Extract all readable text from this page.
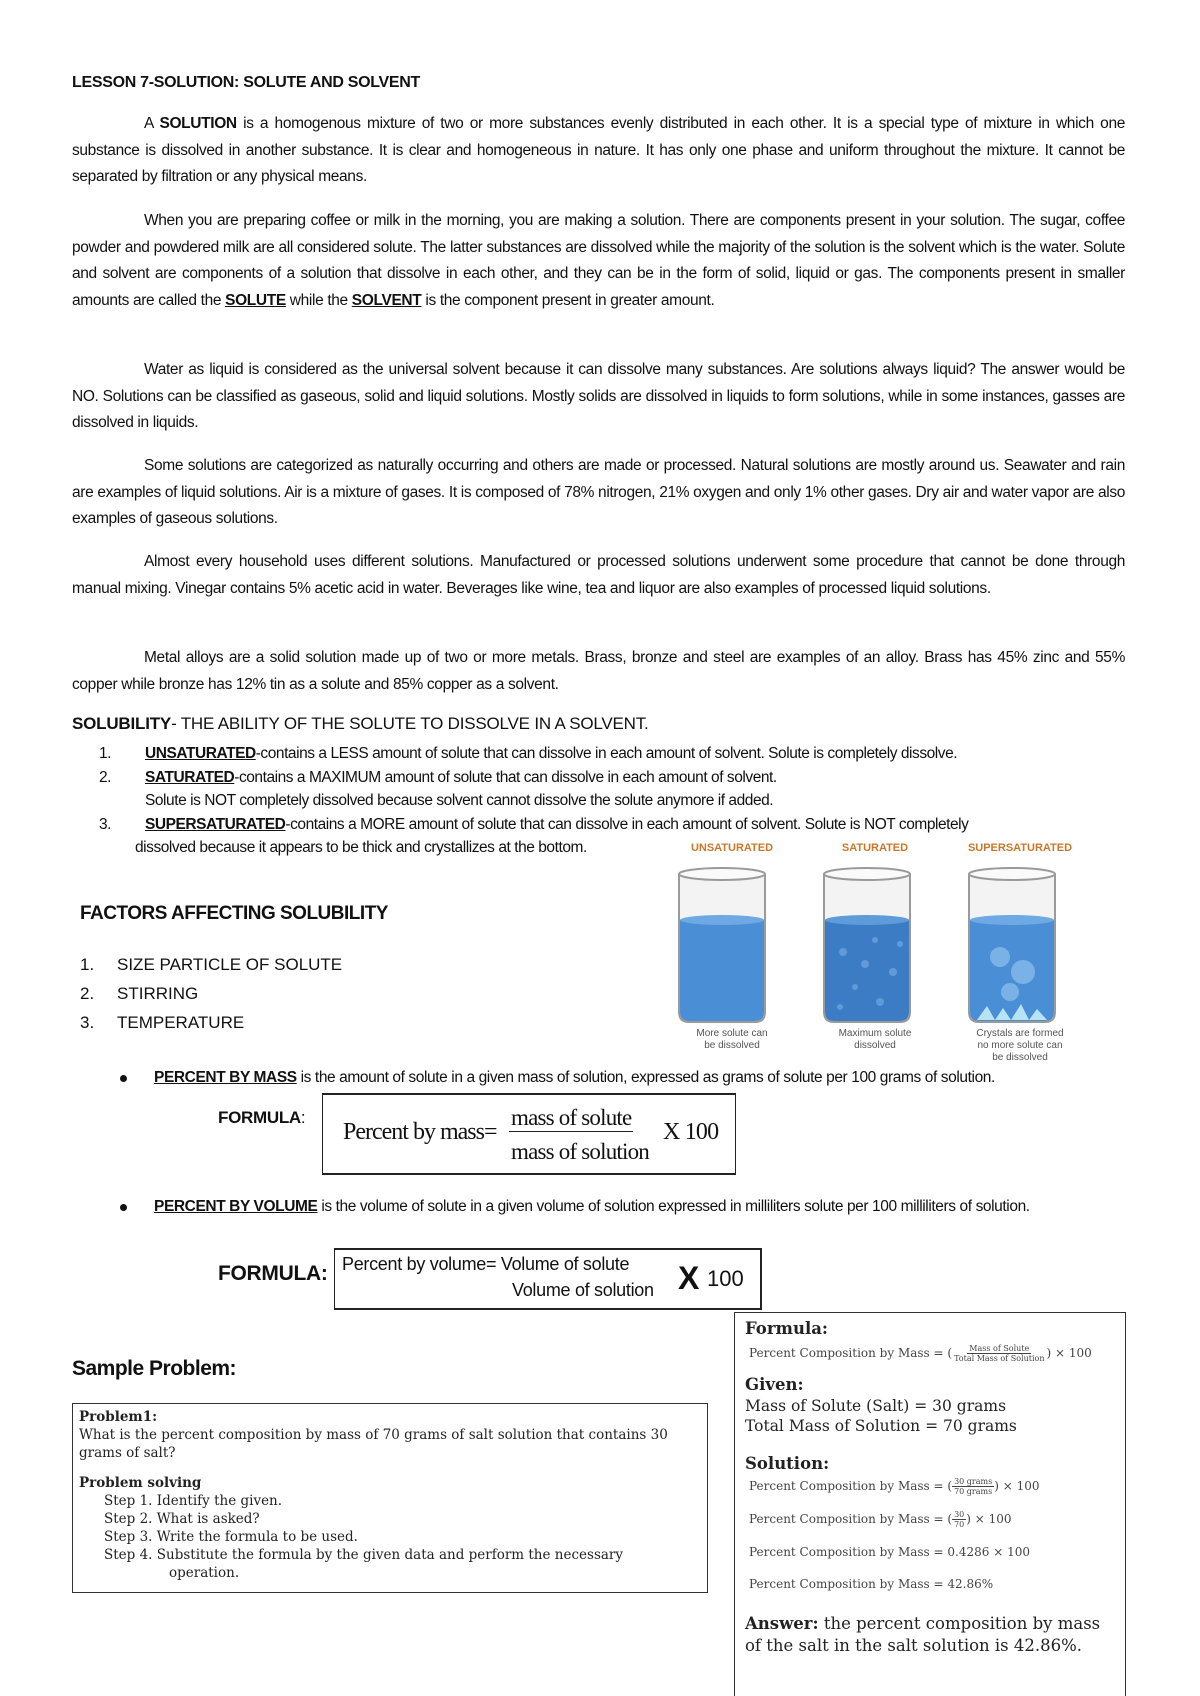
LESSON 7-SOLUTION: SOLUTE AND SOLVENT

A SOLUTION is a homogenous mixture of two or more substances evenly distributed in each other. It is a special type of mixture in which one substance is dissolved in another substance. It is clear and homogeneous in nature. It has only one phase and uniform throughout the mixture. It cannot be separated by filtration or any physical means.

When you are preparing coffee or milk in the morning, you are making a solution. There are components present in your solution. The sugar, coffee powder and powdered milk are all considered solute. The latter substances are dissolved while the majority of the solution is the solvent which is the water. Solute and solvent are components of a solution that dissolve in each other, and they can be in the form of solid, liquid or gas. The components present in smaller amounts are called the SOLUTE while the SOLVENT is the component present in greater amount.

Water as liquid is considered as the universal solvent because it can dissolve many substances. Are solutions always liquid? The answer would be NO. Solutions can be classified as gaseous, solid and liquid solutions. Mostly solids are dissolved in liquids to form solutions, while in some instances, gasses are dissolved in liquids.

Some solutions are categorized as naturally occurring and others are made or processed. Natural solutions are mostly around us. Seawater and rain are examples of liquid solutions. Air is a mixture of gases. It is composed of 78% nitrogen, 21% oxygen and only 1% other gases. Dry air and water vapor are also examples of gaseous solutions.

Almost every household uses different solutions. Manufactured or processed solutions underwent some procedure that cannot be done through manual mixing. Vinegar contains 5% acetic acid in water. Beverages like wine, tea and liquor are also examples of processed liquid solutions.

Metal alloys are a solid solution made up of two or more metals. Brass, bronze and steel are examples of an alloy. Brass has 45% zinc and 55% copper while bronze has 12% tin as a solute and 85% copper as a solvent.

SOLUBILITY- THE ABILITY OF THE SOLUTE TO DISSOLVE IN A SOLVENT.
1. UNSATURATED-contains a LESS amount of solute that can dissolve in each amount of solvent. Solute is completely dissolve.
2. SATURATED-contains a MAXIMUM amount of solute that can dissolve in each amount of solvent.
Solute is NOT completely dissolved because solvent cannot dissolve the solute anymore if added.
3. SUPERSATURATED-contains a MORE amount of solute that can dissolve in each amount of solvent. Solute is NOT completely
dissolved because it appears to be thick and crystallizes at the bottom.	UNSATURATED	SATURATED	SUPERSATURATED
More solute can
be dissolved
Maximum solute
dissolved
Crystals are formed
no more solute can
be dissolved
FACTORS AFFECTING SOLUBILITY
1. SIZE PARTICLE OF SOLUTE
2. STIRRING
3. TEMPERATURE
PERCENT BY MASS is the amount of solute in a given mass of solution, expressed as grams of solute per 100 grams of solution.
FORMULA:
Percent by mass=
mass of solute
mass of solution
X 100
PERCENT BY VOLUME is the volume of solute in a given volume of solution expressed in milliliters solute per 100 milliliters of solution.
FORMULA: Percent by volume= Volume of solute
Volume of solution X 100
Sample Problem:
Problem1:
What is the percent composition by mass of 70 grams of salt solution that contains 30 grams of salt?
Problem solving
Step 1. Identify the given.
Step 2. What is asked?
Step 3. Write the formula to be used.
Step 4. Substitute the formula by the given data and perform the necessary
operation.
Formula:
Percent Composition by Mass = ( $\frac{\text{Mass of Solute}}{\text{Total Mass of Solution}}$ ) × 100
Given:
Mass of Solute (Salt) = 30 grams
Total Mass of Solution = 70 grams
Solution:
Percent Composition by Mass = ( $\frac{\text{30 grams}}{\text{70 grams}}$ ) × 100
Percent Composition by Mass = ( $\frac{30}{70}$ ) × 100
Percent Composition by Mass = 0.4286 × 100
Percent Composition by Mass = 42.86%
Answer: the percent composition by mass of the salt in the salt solution is 42.86%.
